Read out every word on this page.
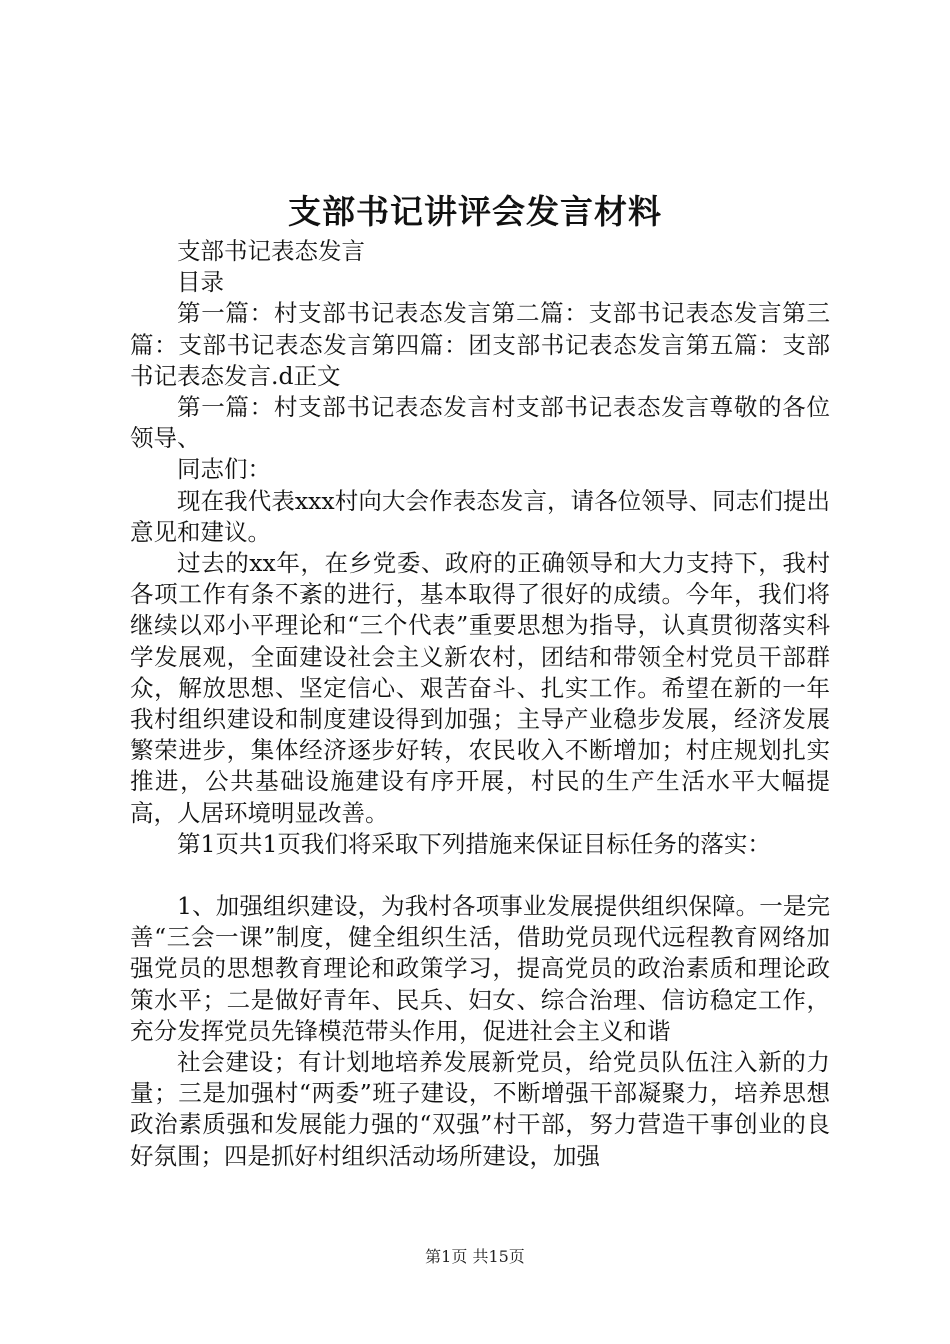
支部书记讲评会发言材料

支部书记表态发言

目录

第一篇：村支部书记表态发言第二篇：支部书记表态发言第三篇：支部书记表态发言第四篇：团支部书记表态发言第五篇：支部书记表态发言.d正文

第一篇：村支部书记表态发言村支部书记表态发言尊敬的各位领导、

同志们：

现在我代表xxx村向大会作表态发言，请各位领导、同志们提出意见和建议。

过去的xx年，在乡党委、政府的正确领导和大力支持下，我村各项工作有条不紊的进行，基本取得了很好的成绩。今年，我们将继续以邓小平理论和“三个代表”重要思想为指导，认真贯彻落实科学发展观，全面建设社会主义新农村，团结和带领全村党员干部群众，解放思想、坚定信心、艰苦奋斗、扎实工作。希望在新的一年我村组织建设和制度建设得到加强；主导产业稳步发展，经济发展繁荣进步，集体经济逐步好转，农民收入不断增加；村庄规划扎实推进，公共基础设施建设有序开展，村民的生产生活水平大幅提高，人居环境明显改善。

第1页共1页我们将采取下列措施来保证目标任务的落实：

1、加强组织建设，为我村各项事业发展提供组织保障。一是完善“三会一课”制度，健全组织生活，借助党员现代远程教育网络加强党员的思想教育理论和政策学习，提高党员的政治素质和理论政策水平；二是做好青年、民兵、妇女、综合治理、信访稳定工作，充分发挥党员先锋模范带头作用，促进社会主义和谐

社会建设；有计划地培养发展新党员，给党员队伍注入新的力量；三是加强村“两委”班子建设，不断增强干部凝聚力，培养思想政治素质强和发展能力强的“双强”村干部，努力营造干事创业的良好氛围；四是抓好村组织活动场所建设，加强

第1页 共15页
